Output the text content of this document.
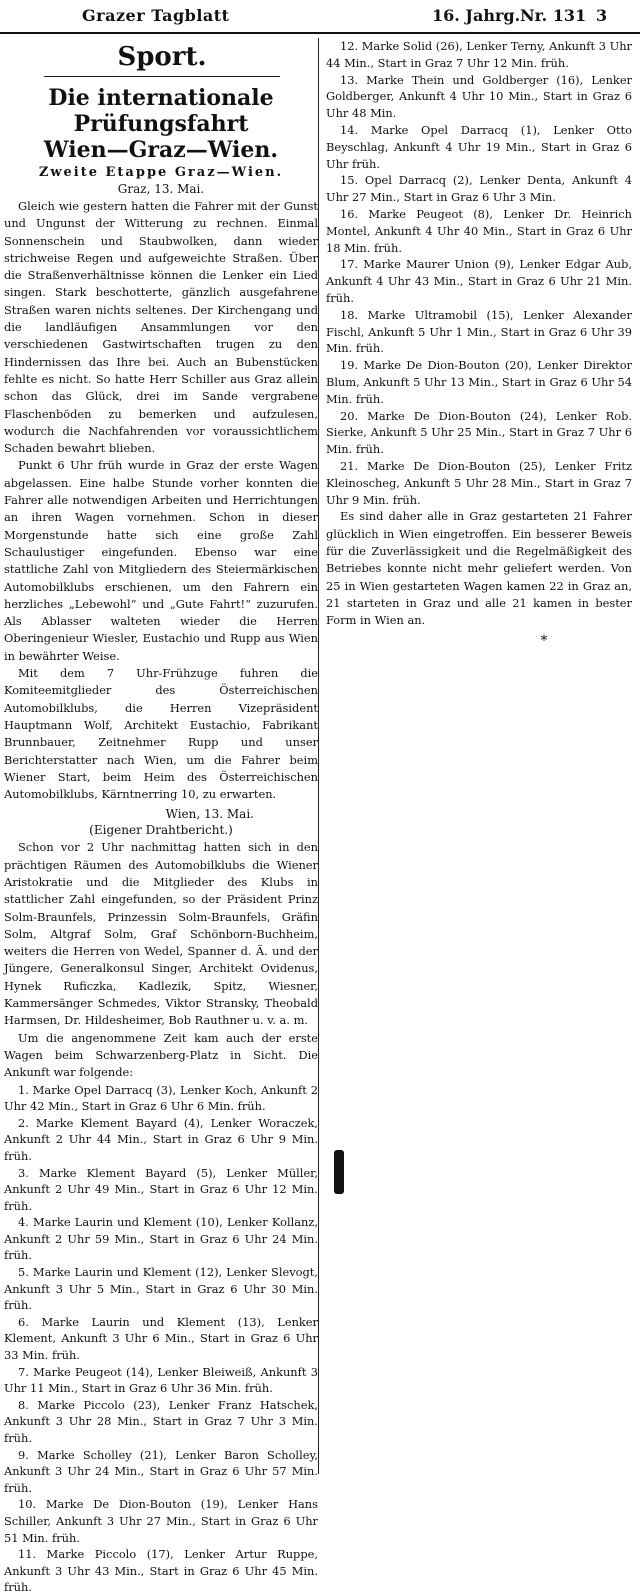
Grazer Tagblatt	16. Jahrg. Nr. 131 3
Sport.
Die internationale Prüfungsfahrt
Wien—Graz—Wien.
Zweite Etappe Graz—Wien.
Graz, 13. Mai.

Gleich wie gestern hatten die Fahrer mit der Gunst und Ungunst der Witterung zu rechnen. Einmal Sonnenschein und Staubwolken, dann wieder strichweise Regen und aufgeweichte Straßen. Über die Straßenverhältnisse können die Lenker ein Lied singen. Stark beschotterte, gänzlich ausgefahrene Straßen waren nichts seltenes. Der Kirchengang und die landläufigen Ansammlungen vor den verschiedenen Gastwirtschaften trugen zu den Hindernissen das Ihre bei. Auch an Bubenstücken fehlte es nicht. So hatte Herr Schiller aus Graz allein schon das Glück, drei im Sande vergrabene Flaschenböden zu bemerken und aufzulesen, wodurch die Nachfahrenden vor voraussichtlichem Schaden bewahrt blieben.

Punkt 6 Uhr früh wurde in Graz der erste Wagen abgelassen. Eine halbe Stunde vorher konnten die Fahrer alle notwendigen Arbeiten und Herrichtungen an ihren Wagen vornehmen. Schon in dieser Morgenstunde hatte sich eine große Zahl Schaulustiger eingefunden. Ebenso war eine stattliche Zahl von Mitgliedern des Steiermärkischen Automobilklubs erschienen, um den Fahrern ein herzliches „Lebewohl“ und „Gute Fahrt!“ zuzurufen. Als Ablasser walteten wieder die Herren Oberingenieur Wiesler, Eustachio und Rupp aus Wien in bewährter Weise.

Mit dem 7 Uhr-Frühzuge fuhren die Komiteemitglieder des Österreichischen Automobilklubs, die Herren Vizepräsident Hauptmann Wolf, Architekt Eustachio, Fabrikant Brunnbauer, Zeitnehmer Rupp und unser Berichterstatter nach Wien, um die Fahrer beim Wiener Start, beim Heim des Österreichischen Automobilklubs, Kärntnerring 10, zu erwarten.

Wien, 13. Mai.
(Eigener Drahtbericht.)

Schon vor 2 Uhr nachmittag hatten sich in den prächtigen Räumen des Automobilklubs die Wiener Aristokratie und die Mitglieder des Klubs in stattlicher Zahl eingefunden, so der Präsident Prinz Solm-Braunfels, Prinzessin Solm-Braunfels, Gräfin Solm, Altgraf Solm, Graf Schönborn-Buchheim, weiters die Herren von Wedel, Spanner d. Ä. und der Jüngere, Generalkonsul Singer, Architekt Ovidenus, Hynek Ruficzka, Kadlezik, Spitz, Wiesner, Kammersänger Schmedes, Viktor Stransky, Theobald Harmsen, Dr. Hildesheimer, Bob Rauthner u. v. a. m.

Um die angenommene Zeit kam auch der erste Wagen beim Schwarzenberg-Platz in Sicht. Die Ankunft war folgende:

1. Marke Opel Darracq (3), Lenker Koch, Ankunft 2 Uhr 42 Min., Start in Graz 6 Uhr 6 Min. früh.

2. Marke Klement Bayard (4), Lenker Woraczek, Ankunft 2 Uhr 44 Min., Start in Graz 6 Uhr 9 Min. früh.

3. Marke Klement Bayard (5), Lenker Müller, Ankunft 2 Uhr 49 Min., Start in Graz 6 Uhr 12 Min. früh.

4. Marke Laurin und Klement (10), Lenker Kollanz, Ankunft 2 Uhr 59 Min., Start in Graz 6 Uhr 24 Min. früh.

5. Marke Laurin und Klement (12), Lenker Slevogt, Ankunft 3 Uhr 5 Min., Start in Graz 6 Uhr 30 Min. früh.

6. Marke Laurin und Klement (13), Lenker Klement, Ankunft 3 Uhr 6 Min., Start in Graz 6 Uhr 33 Min. früh.

7. Marke Peugeot (14), Lenker Bleiweiß, Ankunft 3 Uhr 11 Min., Start in Graz 6 Uhr 36 Min. früh.

8. Marke Piccolo (23), Lenker Franz Hatschek, Ankunft 3 Uhr 28 Min., Start in Graz 7 Uhr 3 Min. früh.

9. Marke Scholley (21), Lenker Baron Scholley, Ankunft 3 Uhr 24 Min., Start in Graz 6 Uhr 57 Min. früh.

10. Marke De Dion-Bouton (19), Lenker Hans Schiller, Ankunft 3 Uhr 27 Min., Start in Graz 6 Uhr 51 Min. früh.

11. Marke Piccolo (17), Lenker Artur Ruppe, Ankunft 3 Uhr 43 Min., Start in Graz 6 Uhr 45 Min. früh.

12. Marke Solid (26), Lenker Terny, Ankunft 3 Uhr 44 Min., Start in Graz 7 Uhr 12 Min. früh.

13. Marke Thein und Goldberger (16), Lenker Goldberger, Ankunft 4 Uhr 10 Min., Start in Graz 6 Uhr 48 Min.

14. Marke Opel Darracq (1), Lenker Otto Beyschlag, Ankunft 4 Uhr 19 Min., Start in Graz 6 Uhr früh.

15. Opel Darracq (2), Lenker Denta, Ankunft 4 Uhr 27 Min., Start in Graz 6 Uhr 3 Min.

16. Marke Peugeot (8), Lenker Dr. Heinrich Montel, Ankunft 4 Uhr 40 Min., Start in Graz 6 Uhr 18 Min. früh.

17. Marke Maurer Union (9), Lenker Edgar Aub, Ankunft 4 Uhr 43 Min., Start in Graz 6 Uhr 21 Min. früh.

18. Marke Ultramobil (15), Lenker Alexander Fischl, Ankunft 5 Uhr 1 Min., Start in Graz 6 Uhr 39 Min. früh.

19. Marke De Dion-Bouton (20), Lenker Direktor Blum, Ankunft 5 Uhr 13 Min., Start in Graz 6 Uhr 54 Min. früh.

20. Marke De Dion-Bouton (24), Lenker Rob. Sierke, Ankunft 5 Uhr 25 Min., Start in Graz 7 Uhr 6 Min. früh.

21. Marke De Dion-Bouton (25), Lenker Fritz Kleinoscheg, Ankunft 5 Uhr 28 Min., Start in Graz 7 Uhr 9 Min. früh.

Es sind daher alle in Graz gestarteten 21 Fahrer glücklich in Wien eingetroffen. Ein besserer Beweis für die Zuverlässigkeit und die Regelmäßigkeit des Betriebes konnte nicht mehr geliefert werden. Von 25 in Wien gestarteten Wagen kamen 22 in Graz an, 21 starteten in Graz und alle 21 kamen in bester Form in Wien an.

*
